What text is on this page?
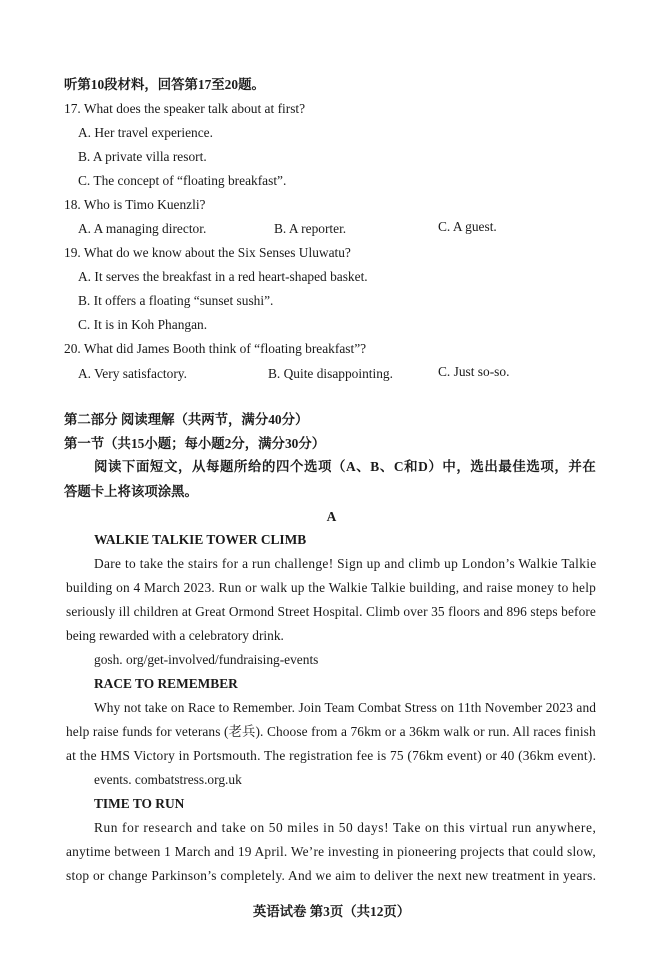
听第10段材料，回答第17至20题。
17. What does the speaker talk about at first?
A. Her travel experience.
B. A private villa resort.
C. The concept of “floating breakfast”.
18. Who is Timo Kuenzli?
A. A managing director.	B. A reporter.	C. A guest.
19. What do we know about the Six Senses Uluwatu?
A. It serves the breakfast in a red heart-shaped basket.
B. It offers a floating “sunset sushi”.
C. It is in Koh Phangan.
20. What did James Booth think of “floating breakfast”?
A. Very satisfactory.	B. Quite disappointing.	C. Just so-so.
第二部分 阅读理解（共两节，满分40分）
第一节（共15小题；每小题2分，满分30分）
阅读下面短文，从每题所给的四个选项（A、B、C和D）中，选出最佳选项，并在
答题卡上将该项涂黑。
A
WALKIE TALKIE TOWER CLIMB
Dare to take the stairs for a run challenge! Sign up and climb up London’s Walkie Talkie
building on 4 March 2023. Run or walk up the Walkie Talkie building, and raise money to help
seriously ill children at Great Ormond Street Hospital. Climb over 35 floors and 896 steps before
being rewarded with a celebratory drink.
gosh. org/get-involved/fundraising-events
RACE TO REMEMBER
Why not take on Race to Remember. Join Team Combat Stress on 11th November 2023 and
help raise funds for veterans (老兵). Choose from a 76km or a 36km walk or run. All races finish
at the HMS Victory in Portsmouth. The registration fee is 75 (76km event) or 40 (36km event).
events. combatstress.org.uk
TIME TO RUN
Run for research and take on 50 miles in 50 days! Take on this virtual run anywhere,
anytime between 1 March and 19 April. We’re investing in pioneering projects that could slow,
stop or change Parkinson’s completely. And we aim to deliver the next new treatment in years.
英语试卷 第3页（共12页）
